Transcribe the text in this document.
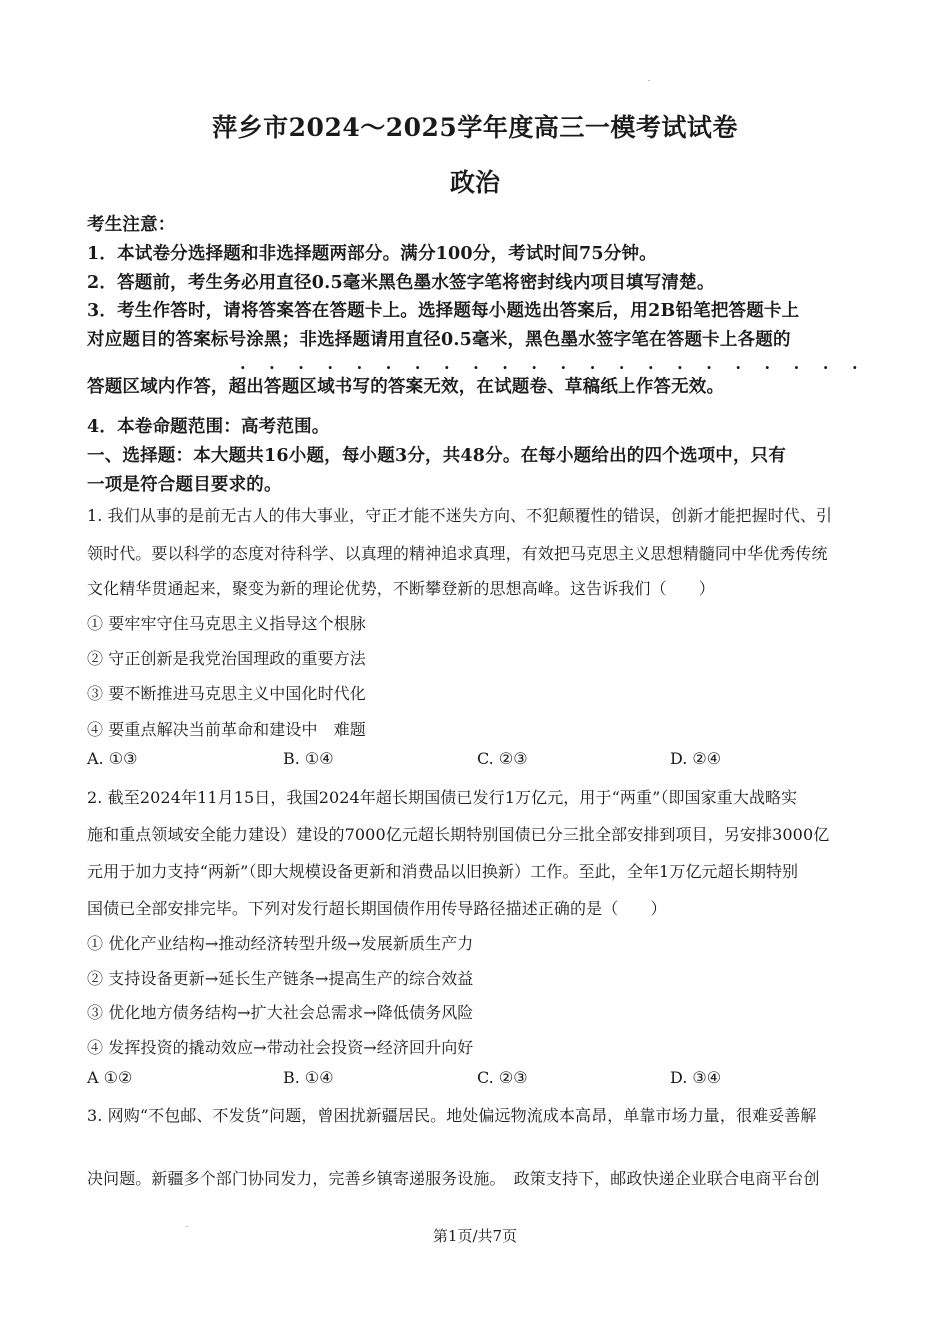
萍乡市2024～2025学年度高三一模考试试卷
政治
考生注意：
1．本试卷分选择题和非选择题两部分。满分100分，考试时间75分钟。
2．答题前，考生务必用直径0.5毫米黑色墨水签字笔将密封线内项目填写清楚。
3．考生作答时，请将答案答在答题卡上。选择题每小题选出答案后，用2B铅笔把答题卡上
对应题目的答案标号涂黑；非选择题请用直径0.5毫米，黑色墨水签字笔在答题卡上各题的
· · · · · · · · · · · · · · · · · · · · · ·
答题区域内作答，超出答题区域书写的答案无效，在试题卷、草稿纸上作答无效。
4．本卷命题范围：高考范围。
一、选择题：本大题共16小题，每小题3分，共48分。在每小题给出的四个选项中，只有
一项是符合题目要求的。
1. 我们从事的是前无古人的伟大事业，守正才能不迷失方向、不犯颠覆性的错误，创新才能把握时代、引
领时代。要以科学的态度对待科学、以真理的精神追求真理，有效把马克思主义思想精髓同中华优秀传统
文化精华贯通起来，聚变为新的理论优势，不断攀登新的思想高峰。这告诉我们（　　）
① 要牢牢守住马克思主义指导这个根脉
② 守正创新是我党治国理政的重要方法
③ 要不断推进马克思主义中国化时代化
④ 要重点解决当前革命和建设中　难题
A. ①③	B. ①④	C. ②③	D. ②④
2. 截至2024年11月15日，我国2024年超长期国债已发行1万亿元，用于“两重”（即国家重大战略实
施和重点领域安全能力建设）建设的7000亿元超长期特别国债已分三批全部安排到项目，另安排3000亿
元用于加力支持“两新”（即大规模设备更新和消费品以旧换新）工作。至此，全年1万亿元超长期特别
国债已全部安排完毕。下列对发行超长期国债作用传导路径描述正确的是（　　）
① 优化产业结构→推动经济转型升级→发展新质生产力
② 支持设备更新→延长生产链条→提高生产的综合效益
③ 优化地方债务结构→扩大社会总需求→降低债务风险
④ 发挥投资的撬动效应→带动社会投资→经济回升向好
A ①②	B. ①④	C. ②③	D. ③④
3. 网购“不包邮、不发货”问题，曾困扰新疆居民。地处偏远物流成本高昂，单靠市场力量，很难妥善解
决问题。新疆多个部门协同发力，完善乡镇寄递服务设施。　政策支持下，邮政快递企业联合电商平台创
第1页/共7页
